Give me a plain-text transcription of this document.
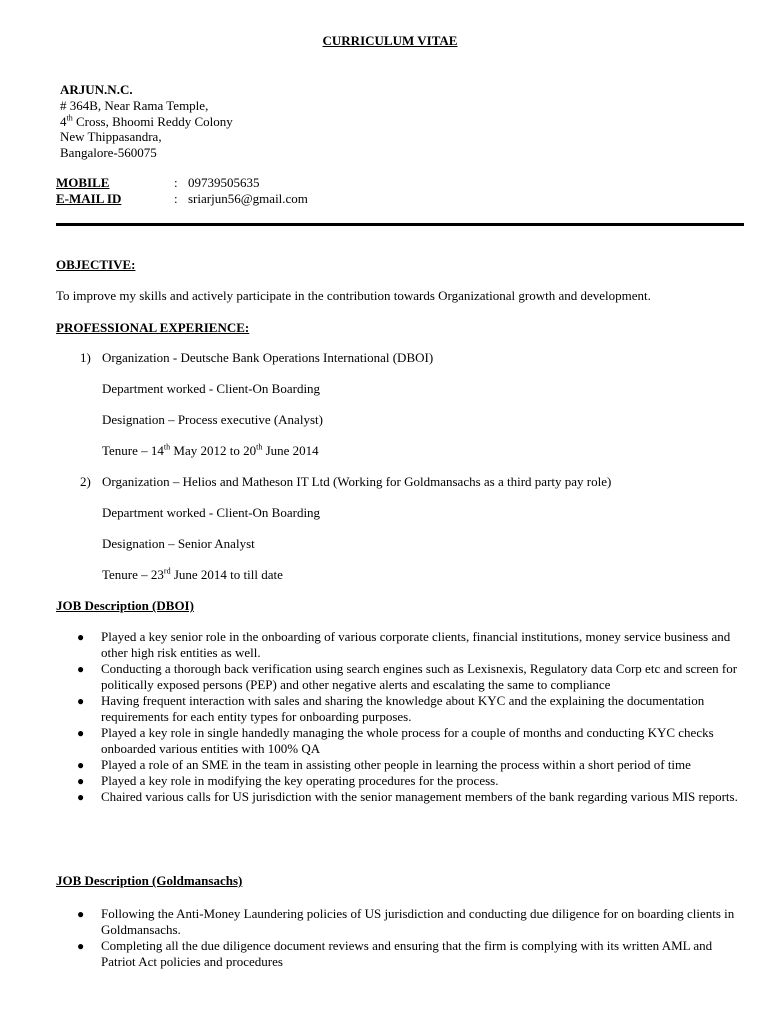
CURRICULUM VITAE
ARJUN.N.C.
# 364B, Near Rama Temple,
4th Cross, Bhoomi Reddy Colony
New Thippasandra,
Bangalore-560075
MOBILE	: 09739505635
E-MAIL ID	: sriarjun56@gmail.com
OBJECTIVE:
To improve my skills and actively participate in the contribution towards Organizational growth and development.
PROFESSIONAL EXPERIENCE:
1) Organization - Deutsche Bank Operations International (DBOI)
Department worked - Client-On Boarding
Designation – Process executive (Analyst)
Tenure – 14th May 2012 to 20th June 2014
2) Organization – Helios and Matheson IT Ltd (Working for Goldmansachs as a third party pay role)
Department worked - Client-On Boarding
Designation – Senior Analyst
Tenure – 23rd June 2014 to till date
JOB Description (DBOI)
● Played a key senior role in the onboarding of various corporate clients, financial institutions, money service business and other high risk entities as well.
● Conducting a thorough back verification using search engines such as Lexisnexis, Regulatory data Corp etc and screen for politically exposed persons (PEP) and other negative alerts and escalating the same to compliance
● Having frequent interaction with sales and sharing the knowledge about KYC and the explaining the documentation requirements for each entity types for onboarding purposes.
● Played a key role in single handedly managing the whole process for a couple of months and conducting KYC checks onboarded various entities with 100% QA
● Played a role of an SME in the team in assisting other people in learning the process within a short period of time
● Played a key role in modifying the key operating procedures for the process.
● Chaired various calls for US jurisdiction with the senior management members of the bank regarding various MIS reports.
JOB Description (Goldmansachs)
● Following the Anti-Money Laundering policies of US jurisdiction and conducting due diligence for on boarding clients in Goldmansachs.
● Completing all the due diligence document reviews and ensuring that the firm is complying with its written AML and Patriot Act policies and procedures
